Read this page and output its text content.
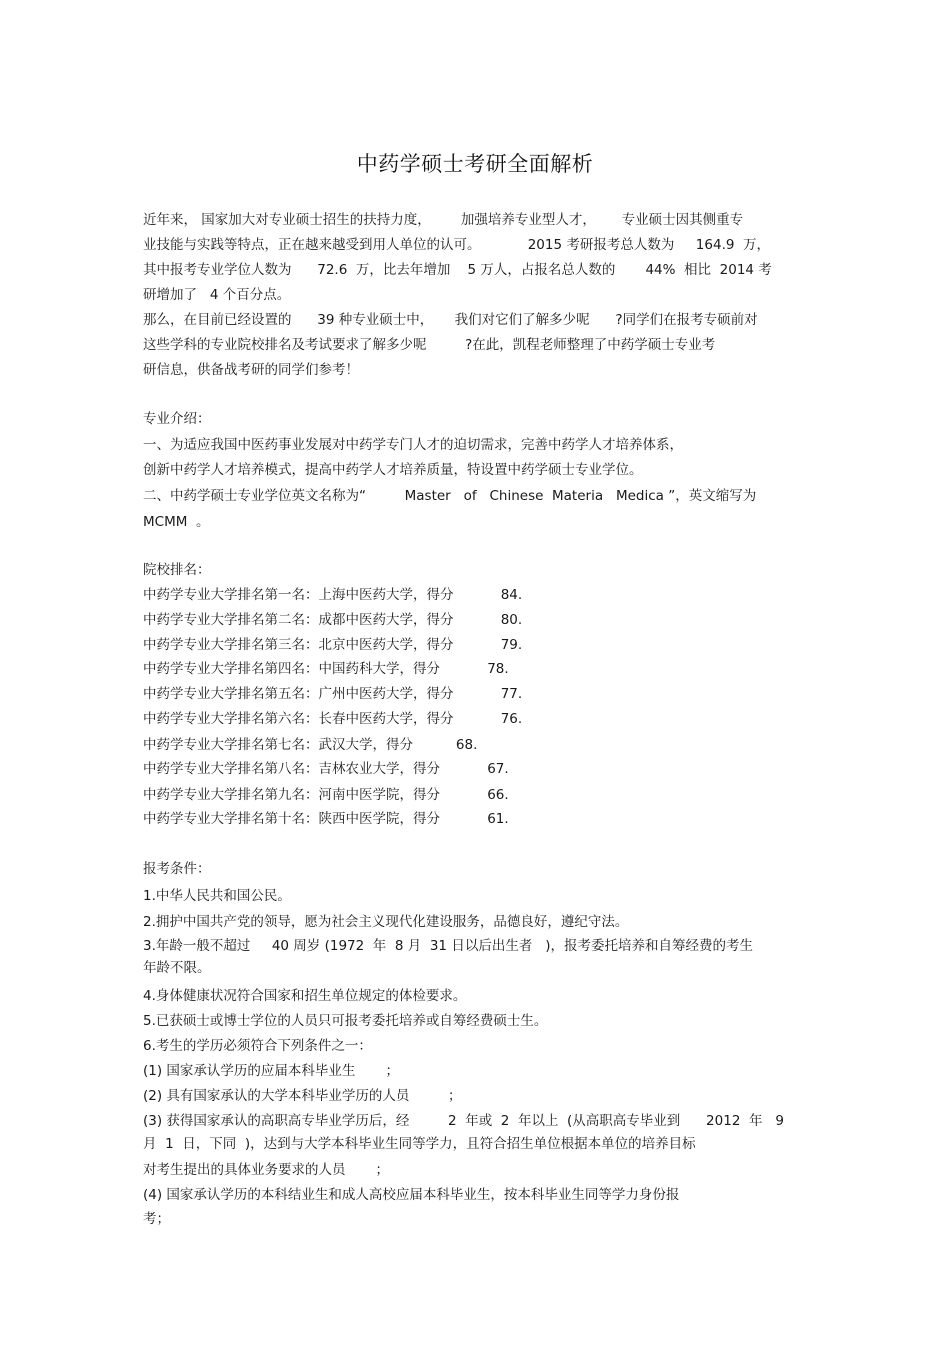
中药学硕士考研全面解析
近年来， 国家加大对专业硕士招生的扶持力度，       加强培养专业型人才，      专业硕士因其侧重专
业技能与实践等特点，正在越来越受到用人单位的认可。           2015 考研报考总人数为     164.9  万，
其中报考专业学位人数为      72.6  万，比去年增加    5 万人，占报名总人数的       44%  相比  2014 考
研增加了   4 个百分点。
那么，在目前已经设置的      39 种专业硕士中，     我们对它们了解多少呢      ?同学们在报考专硕前对
这些学科的专业院校排名及考试要求了解多少呢         ?在此，凯程老师整理了中药学硕士专业考
研信息，供备战考研的同学们参考！
专业介绍：
一、为适应我国中医药事业发展对中药学专门人才的迫切需求，完善中药学人才培养体系，
创新中药学人才培养模式，提高中药学人才培养质量，特设置中药学硕士专业学位。
二、中药学硕士专业学位英文名称为“         Master   of   Chinese  Materia   Medica ”，英文缩写为
MCMM  。
院校排名：
中药学专业大学排名第一名：上海中医药大学，得分           84.
中药学专业大学排名第二名：成都中医药大学，得分           80.
中药学专业大学排名第三名：北京中医药大学，得分           79.
中药学专业大学排名第四名：中国药科大学，得分           78.
中药学专业大学排名第五名：广州中医药大学，得分           77.
中药学专业大学排名第六名：长春中医药大学，得分           76.
中药学专业大学排名第七名：武汉大学，得分          68.
中药学专业大学排名第八名：吉林农业大学，得分           67.
中药学专业大学排名第九名：河南中医学院，得分           66.
中药学专业大学排名第十名：陕西中医学院，得分           61.
报考条件：
1.中华人民共和国公民。
2.拥护中国共产党的领导，愿为社会主义现代化建设服务，品德良好，遵纪守法。
3.年龄一般不超过     40 周岁 (1972  年  8 月  31 日以后出生者   )，报考委托培养和自筹经费的考生
年龄不限。
4.身体健康状况符合国家和招生单位规定的体检要求。
5.已获硕士或博士学位的人员只可报考委托培养或自筹经费硕士生。
6.考生的学历必须符合下列条件之一：
(1) 国家承认学历的应届本科毕业生       ；
(2) 具有国家承认的大学本科毕业学历的人员         ；
(3) 获得国家承认的高职高专毕业学历后，经         2  年或  2  年以上  (从高职高专毕业到      2012  年   9
月  1  日，下同  )，达到与大学本科毕业生同等学力，且符合招生单位根据本单位的培养目标
对考生提出的具体业务要求的人员       ；
(4) 国家承认学历的本科结业生和成人高校应届本科毕业生，按本科毕业生同等学力身份报
考；
